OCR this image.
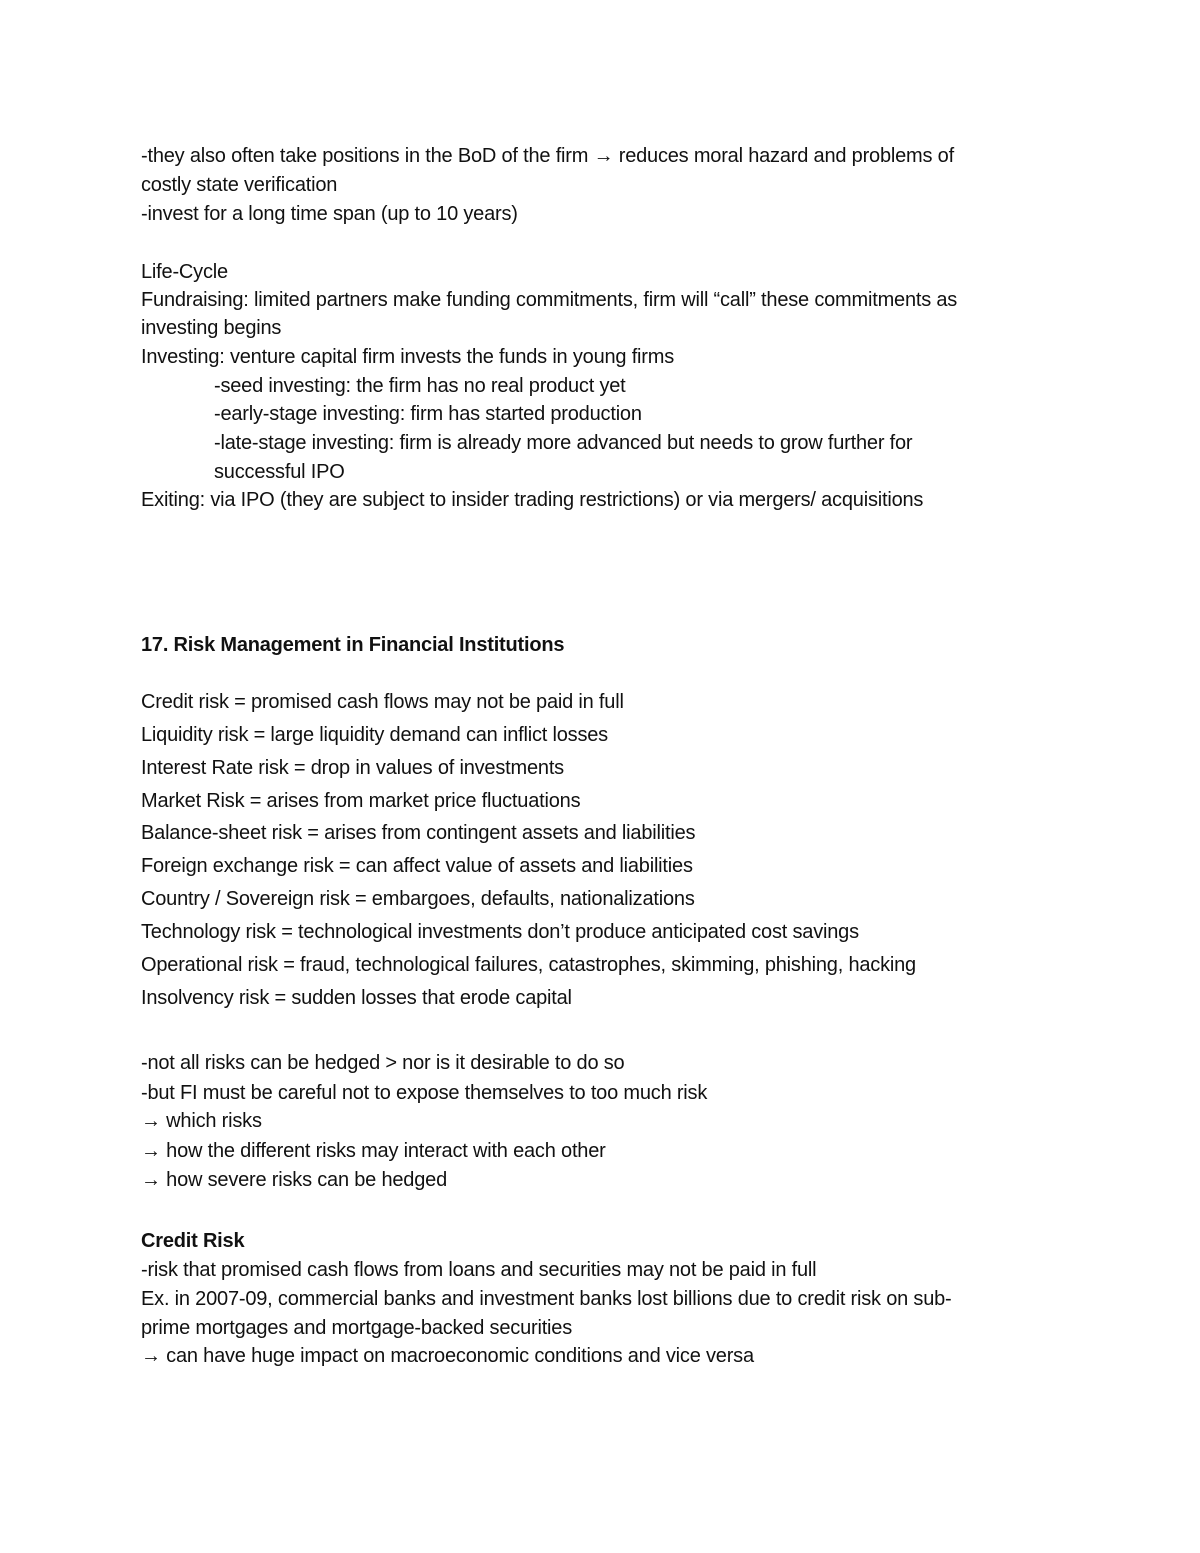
-they also often take positions in the BoD of the firm → reduces moral hazard and problems of
costly state verification
-invest for a long time span (up to 10 years)
Life-Cycle
Fundraising: limited partners make funding commitments, firm will “call” these commitments as
investing begins
Investing: venture capital firm invests the funds in young firms
-seed investing: the firm has no real product yet
-early-stage investing: firm has started production
-late-stage investing: firm is already more advanced but needs to grow further for
successful IPO
Exiting: via IPO (they are subject to insider trading restrictions) or via mergers/ acquisitions
17. Risk Management in Financial Institutions
Credit risk = promised cash flows may not be paid in full
Liquidity risk = large liquidity demand can inflict losses
Interest Rate risk = drop in values of investments
Market Risk = arises from market price fluctuations
Balance-sheet risk = arises from contingent assets and liabilities
Foreign exchange risk = can affect value of assets and liabilities
Country / Sovereign risk = embargoes, defaults, nationalizations
Technology risk = technological investments don’t produce anticipated cost savings
Operational risk = fraud, technological failures, catastrophes, skimming, phishing, hacking
Insolvency risk = sudden losses that erode capital
-not all risks can be hedged > nor is it desirable to do so
-but FI must be careful not to expose themselves to too much risk
→ which risks
→ how the different risks may interact with each other
→ how severe risks can be hedged
Credit Risk
-risk that promised cash flows from loans and securities may not be paid in full
Ex. in 2007-09, commercial banks and investment banks lost billions due to credit risk on sub-
prime mortgages and mortgage-backed securities
→ can have huge impact on macroeconomic conditions and vice versa
